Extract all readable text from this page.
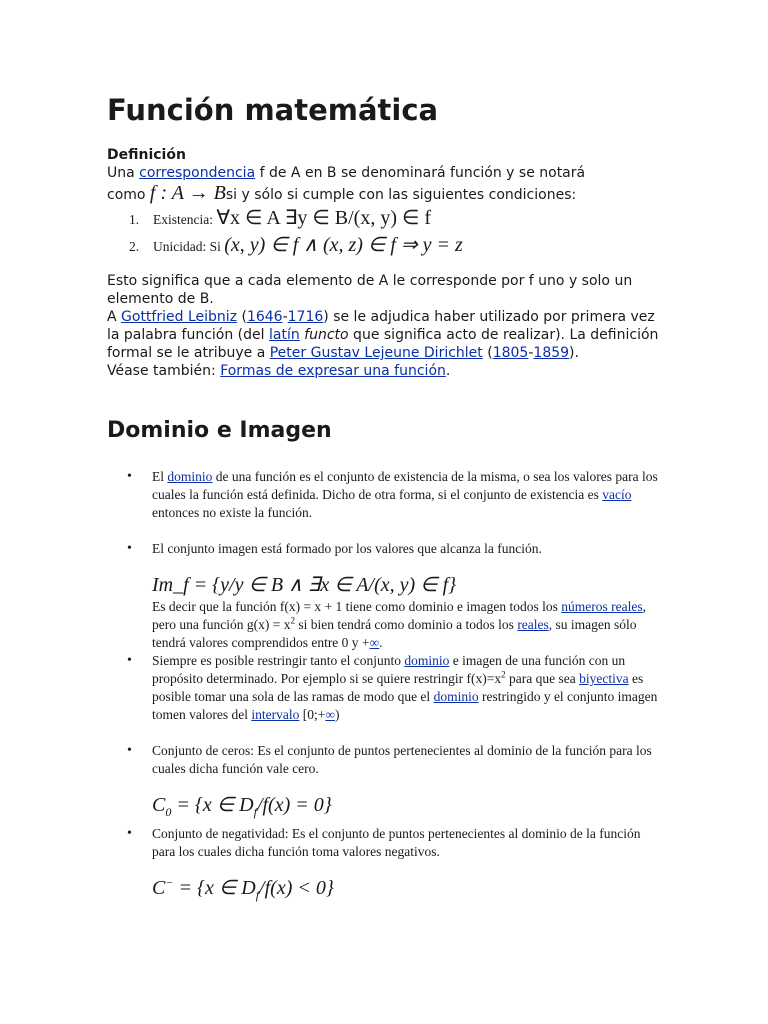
Función matemática
Definición
Una correspondencia f de A en B se denominará función y se notará
como f : A → Bsi y sólo si cumple con las siguientes condiciones:
1. Existencia: ∀x ∈ A ∃y ∈ B/(x, y) ∈ f
2. Unicidad: Si (x, y) ∈ f ∧ (x, z) ∈ f ⇒ y = z
Esto significa que a cada elemento de A le corresponde por f uno y solo un elemento de B.
A Gottfried Leibniz (1646-1716) se le adjudica haber utilizado por primera vez la palabra función (del latín functo que significa acto de realizar). La definición formal se le atribuye a Peter Gustav Lejeune Dirichlet (1805-1859).
Véase también: Formas de expresar una función.
Dominio e Imagen
• El dominio de una función es el conjunto de existencia de la misma, o sea los valores para los cuales la función está definida. Dicho de otra forma, si el conjunto de existencia es vacío entonces no existe la función.
• El conjunto imagen está formado por los valores que alcanza la función.
Im_f = {y/y ∈ B ∧ ∃x ∈ A/(x, y) ∈ f}
Es decir que la función f(x) = x + 1 tiene como dominio e imagen todos los números reales, pero una función $g(x) = x^2$ si bien tendrá como dominio a todos los reales, su imagen sólo tendrá valores comprendidos entre 0 y +∞.
• Siempre es posible restringir tanto el conjunto dominio e imagen de una función con un propósito determinado. Por ejemplo si se quiere restringir $f(x)=x^2$ para que sea biyectiva es posible tomar una sola de las ramas de modo que el dominio restringido y el conjunto imagen tomen valores del intervalo [0;+∞)
• Conjunto de ceros: Es el conjunto de puntos pertenecientes al dominio de la función para los cuales dicha función vale cero.
$C_0 = \{x$ ∈ $D_f/f(x) = 0$}
• Conjunto de negatividad: Es el conjunto de puntos pertenecientes al dominio de la función para los cuales dicha función toma valores negativos.
C− = {x ∈ $D_f/f(x) < 0$}
